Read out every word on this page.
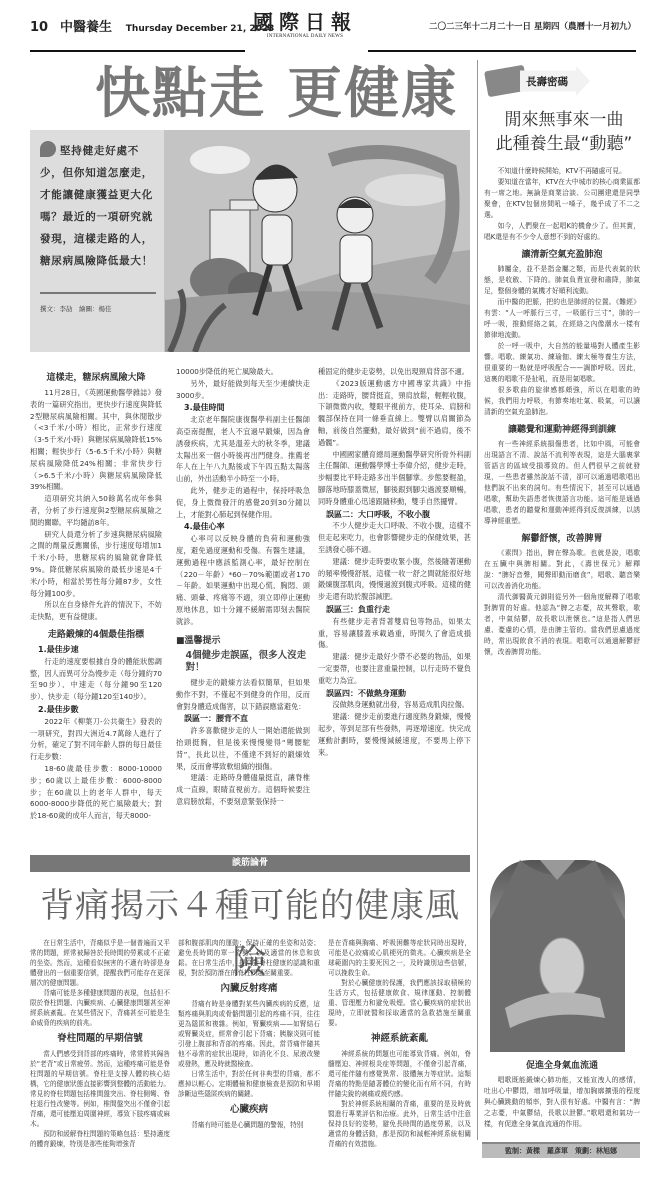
10 中醫養生 Thursday December 21, 2023
國際日報
INTERNATIONAL DAILY NEWS
二〇二三年十二月二十一日 星期四（農曆十一月初九）
快點走 更健康
堅持健走好處不少，但你知道怎麼走，才能讓健康獲益更大化嗎？最近的一項研究就發現，這樣走路的人，糖尿病風險降低最大！
撰文：李劼　繪圖：楊佳
這樣走，糖尿病風險大降

11月28日，《英國運動醫學雜誌》發表的一篇研究指出，更快步行速度與降低2型糖尿病風險相關。其中，與休閒散步（<3千米/小時）相比，正常步行速度（3-5千米/小時）與糖尿病風險降低15%相關；輕快步行（5-6.5千米/小時）與糖尿病風險降低24%相關；非常快步行（>6.5千米/小時）與糖尿病風險降低39%相關。

這項研究共納入50餘萬名成年參與者，分析了步行速度與2型糖尿病風險之間的關聯。平均隨訪8年。

研究人員還分析了步速與糖尿病風險之間的劑量反應關係，步行速度每增加1千米/小時，患糖尿病的風險就會降低9%。降低糖尿病風險的最低步速是4千米/小時，相當於男性每分鐘87步，女性每分鐘100步。

所以在自身條件允許的情況下，不妨走快點，更有益健康。

走路鍛煉的4個最佳指標
1.最佳步速

行走的速度要根據自身的體能狀態調整，因人而異可分為慢步走（每分鐘約70至90步）、中速走（每分鐘90至120步）、快步走（每分鐘120至140步）。

2.最佳步數

2022年《柳葉刀-公共衛生》發表的一項研究，對四大洲近4.7萬餘人進行了分析，確定了對不同年齡人群的每日最佳行走步數：

18-60歲最佳步數：8000-10000步；60歲以上最佳步數：6000-8000步；在60歲以上的老年人群中，每天6000-8000步降低的死亡風險最大；對於18-60歲的成年人而言，每天8000-

10000步降低的死亡風險最大。

另外，最好能做到每天至少連續快走3000步。

3.最佳時間

北京老年醫院康復醫學科副主任醫師高亞南提醒，老人不宜過早鍛煉，因為會誘發疾病，尤其是溫差大的秋冬季，建議太陽出來一個小時後再出門健身。推薦老年人在上午八九點後或下午四五點太陽落山前，外出活動半小時至一小時。

此外，健步走的過程中，保持呼吸急促，身上微微發汗的感覺20到30分鐘以上，才能對心肺起到保健作用。

4.最佳心率

心率可以反映身體的負荷和運動強度，避免過度運動和受傷。有醫生建議，運動過程中應該監測心率，最好控制在（220－年齡）*60－70%範圍或者170－年齡。如果運動中出現心慌、胸悶、頭痛、頭暈、疼痛等不適，須立即停止運動原地休息，如十分鐘不緩解需即刻去醫院就診。

■溫馨提示
4個健步走誤區，很多人沒走對！

健步走的鍛煉方法看似簡單，但如果動作不對，不僅起不到健身的作用，反而會對身體造成傷害，以下錯誤應當避免：

誤區一：腰背不直

許多喜歡健步走的人一開始還能做到抬頭挺胸，但是後來慢慢變得“彎腰駝背”，長此以往，不僅達不到好的鍛煉效果，反而會導致軟組織的損傷。

建議：走路時身體儘量挺直，讓脊椎成一直線，眼睛直視前方。這個時候要注意肩膀放鬆，不要刻意緊張保持一

種固定的健步走姿勢，以免出現頸肩背部不適。

《2023版運動處方中國專家共識》中指出：走路時，腰背挺直，頸肩放鬆，輕輕收腹，下頜微微內收，雙眼平視前方，使耳朵、肩膀和髖部保持在同一條垂直線上。雙臂以肩關節為軸，前後自然擺動，最好做到“前不過肩，後不過髖”。

中國國家體育總局運動醫學研究所骨外科副主任醫師、運動醫學博士李偉介紹，健步走時，步幅要比平時走路多出半個腳掌。步態要輕盈，腳落地時膝蓋微屈，腳後跟到腳尖過渡要順暢，同時身體重心迅速跟隨移動，雙手自然擺臂。

誤區二：大口呼吸，不收小腹

不少人健步走大口呼吸、不收小腹，這樣不但走起來吃力，也會影響健步走的保健效果，甚至誘發心肺不適。

建議：健步走時要收緊小腹，然後隨著運動的頻率慢慢舒展，這樣一收一舒之間就能很好地鍛煉腹部肌肉，慢慢過渡到腹式呼吸。這樣的健步走還有助於腹部減肥。

誤區三：負重行走

有些健步走者背著雙肩包等物品，如果太重，容易讓膝蓋承載過重，時間久了會造成損傷。

建議：健步走最好少帶不必要的物品，如果一定要帶，也要注意重量控制，以行走時不覺負重吃力為宜。

誤區四：不做熱身運動

沒做熱身運動就出發，容易造成肌肉拉傷。

建議：健步走前要進行適度熱身鍛煉，慢慢起步，等到足部有些發熱，再逐增速度。快完成運動計劃時，要慢慢減緩速度，不要馬上停下來。

談筋論骨
背痛揭示４種可能的健康風險

在日常生活中，背痛似乎是一個普遍而又平常的問題，經常被歸咎於長時間的勞累或不正確的坐姿。然而，這種看似無害的不適有時卻是身體發出的一個重要信號，提醒我們可能存在更深層次的健康問題。

背痛可能是多種健康問題的表現，包括但不限於脊柱問題、內臟疾病、心臟健康問題甚至神經系統紊亂。在某些情況下，背痛甚至可能是生命威脅的疾病的前兆。

脊柱問題的早期信號

當人們感受到背部的疼痛時，常常將其歸咎於“老背”或日常疲勞。然而，這種疼痛可能是脊柱問題的早期信號。脊柱是支撐人體的核心結構，它的健康狀態直接影響到整體的活動能力。常見的脊柱問題包括椎間盤突出、脊柱側彎、脊柱退行性改變等。例如，椎間盤突出不僅會引起背痛，還可能壓迫周圍神經，導致下肢疼痛或麻木。

預防和緩解脊柱問題的策略包括：堅持適度的體育鍛煉，特別是那些能夠增強背

部和腹部肌肉的運動；保持正確的坐姿和站姿；避免長時間的單一姿勢；以及適當的休息和放鬆。在日常生活中，提高對脊柱健康的認識和重視，對於預防潛在的脊柱問題至關重要。

內臟反射疼痛

背痛有時是身體對某些內臟疾病的反應，這類疼痛與肌肉或骨骼問題引起的疼痛不同，往往更為隱匿和複雜。例如，腎臟疾病——如腎結石或腎臟炎症，經常會引起下背痛；胰腺炎則可能引發上腹部和背部的疼痛。因此，當背痛伴隨其他不尋常的症狀出現時，如消化不良、尿液改變或發熱，應及時就醫檢查。

日常生活中，對於任何非典型的背痛，都不應掉以輕心。定期體檢和健康檢查是預防和早期診斷這些隱匿疾病的關鍵。

心臟疾病

背痛有時可能是心臟問題的警報，特別

是在背痛與胸痛、呼吸困難等症狀同時出現時，可能是心絞痛或心肌梗死的徵兆。心臟疾病是全球範圍內的主要死因之一，及時識別這些信號，可以挽救生命。

對於心臟健康的保護，我們應該採取積極的生活方式，包括健康飲食、規律運動、控制體重、管理壓力和避免吸煙。當心臟疾病的症狀出現時，立即就醫和採取適當的急救措施至關重要。

神經系統紊亂

神經系統的問題也可能導致背痛。例如，脊髓壓迫、神經根炎症等問題，不僅會引起背痛，還可能伴隨有感覺異常、肢體無力等症狀。這類背痛的特點是隨著體位的變化而有所不同，有時伴隨尖銳的刺痛或燒灼感。

對於神經系統相關的背痛，重要的是及時就醫進行專業評估和治療。此外，日常生活中注意保持良好的姿勢，避免長時間的過度勞累，以及適當的身體活動，都是預防和減輕神經系統相關背痛的有效措施。

長壽密碼
閒來無事來一曲
此種養生最“動聽”

不知道什麼時候開始，KTV不再隨處可見。

要知道在當年，KTV在大中城市的核心商業區都有一席之地。無論是商業洽談、公司團建還是同學聚會，在KTV包個房間吼一嗓子，幾乎成了不二之選。

如今，人們聚在一起唱K的機會少了。但其實，唱K還是有不少令人意想不到的好處的。

讓清新空氣充盈肺泡

肺屬金，並不是指金屬之類，而是代表氣的狀態，是收斂、下降的。肺氣負責宣發和肅降，肺氣足，整個身體的氣機才好順利流動。

而中醫的把脈，把的也是肺經的位置。《難經》有雲：“人一呼脈行三寸，一吸脈行三寸”，肺的一呼一吸，推動經絡之氣，在經絡之內像潮水一樣有節律地流動。

於一呼一吸中，大自然的能量場對人體產生影響。唱歌、練氣功、練瑜伽、練太極等養生方法，很重要的一點就是呼吸配合——調節呼吸。因此，這裏的唱歌不是扯吼，而是用氣唱歌。

很多歌曲的旋律感都頗強，所以在唱歌的時候，我們用力呼吸，有節奏地吐氣、吸氣，可以讓清新的空氣充盈肺泡。

讓聽覺和運動神經得到訓練

有一些神經系統損傷患者，比如中風，可能會出現語言不清、說話不流利等表現，這是大腦裏掌管語言的區域受損導致的。但人們很早之前就發現，一些患者雖然說話不清，卻可以通過唱歌唱出他們說不出來的詞句。有些情況下，甚至可以通過唱歌，幫助失語患者恢復語言功能。這可能是通過唱歌，患者的聽覺和運動神經得到反復訓練，以誘導神經重塑。

解鬱舒懷，改善脾胃

《素問》指出，脾在聲為歌。也就是說，唱歌在五臟中與脾相關。對此，《壽世保元》解釋說：“脾好音聲，聞聲即動而磨食”，唱歌、聽音樂可以改善消化功能。

清代御醫黃元御則從另外一個角度解釋了唱歌對脾胃的好處。他認為“脾之志憂，故其聲歌，歌者，中氣結鬱，故長歌以泄懷也。”這是指人們思慮、憂慮的心情，是由脾主管的。當我們思慮過度時，常出現飲食不消的表現。唱歌可以通過解鬱舒懷，改善脾胃功能。

促進全身氣血流通

唱歌既能鍛煉心肺功能，又能宣洩人的感情，吐出心中鬱悶，增加呼吸量，增加胸廓擴張的程度與心臟跳動的頻率，對人很有好處。中醫有言：“脾之志憂，中氣鬱結，長歌以泄鬱。”歌唱還和氣功一樣，有促進全身氣血流通的作用。

監制：黃樑　羅彥軍　策劃：林旭娜
